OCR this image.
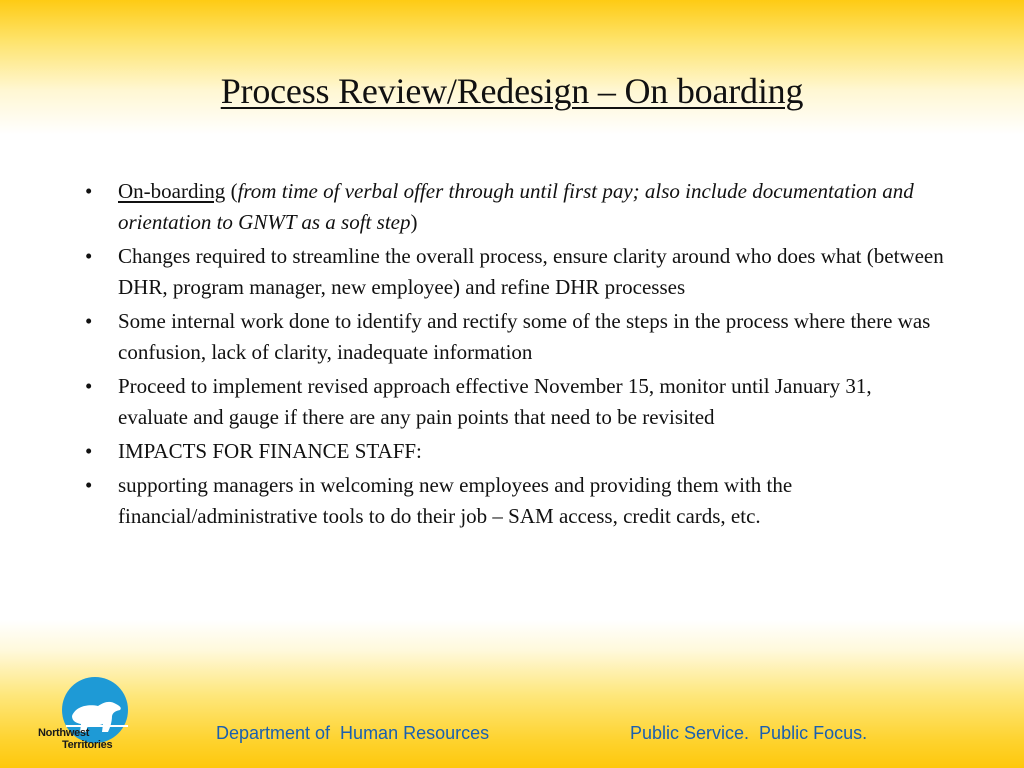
Process Review/Redesign – On boarding
• On-boarding (from time of verbal offer through until first pay; also include documentation and orientation to GNWT as a soft step)
• Changes required to streamline the overall process, ensure clarity around who does what (between DHR, program manager, new employee) and refine DHR processes
• Some internal work done to identify and rectify some of the steps in the process where there was confusion, lack of clarity, inadequate information
• Proceed to implement revised approach effective November 15, monitor until January 31, evaluate and gauge if there are any pain points that need to be revisited
• IMPACTS FOR FINANCE STAFF:
• supporting managers in welcoming new employees and providing them with the financial/administrative tools to do their job – SAM access, credit cards, etc.
Northwest
Territories
Department of  Human Resources	Public Service.  Public Focus.
